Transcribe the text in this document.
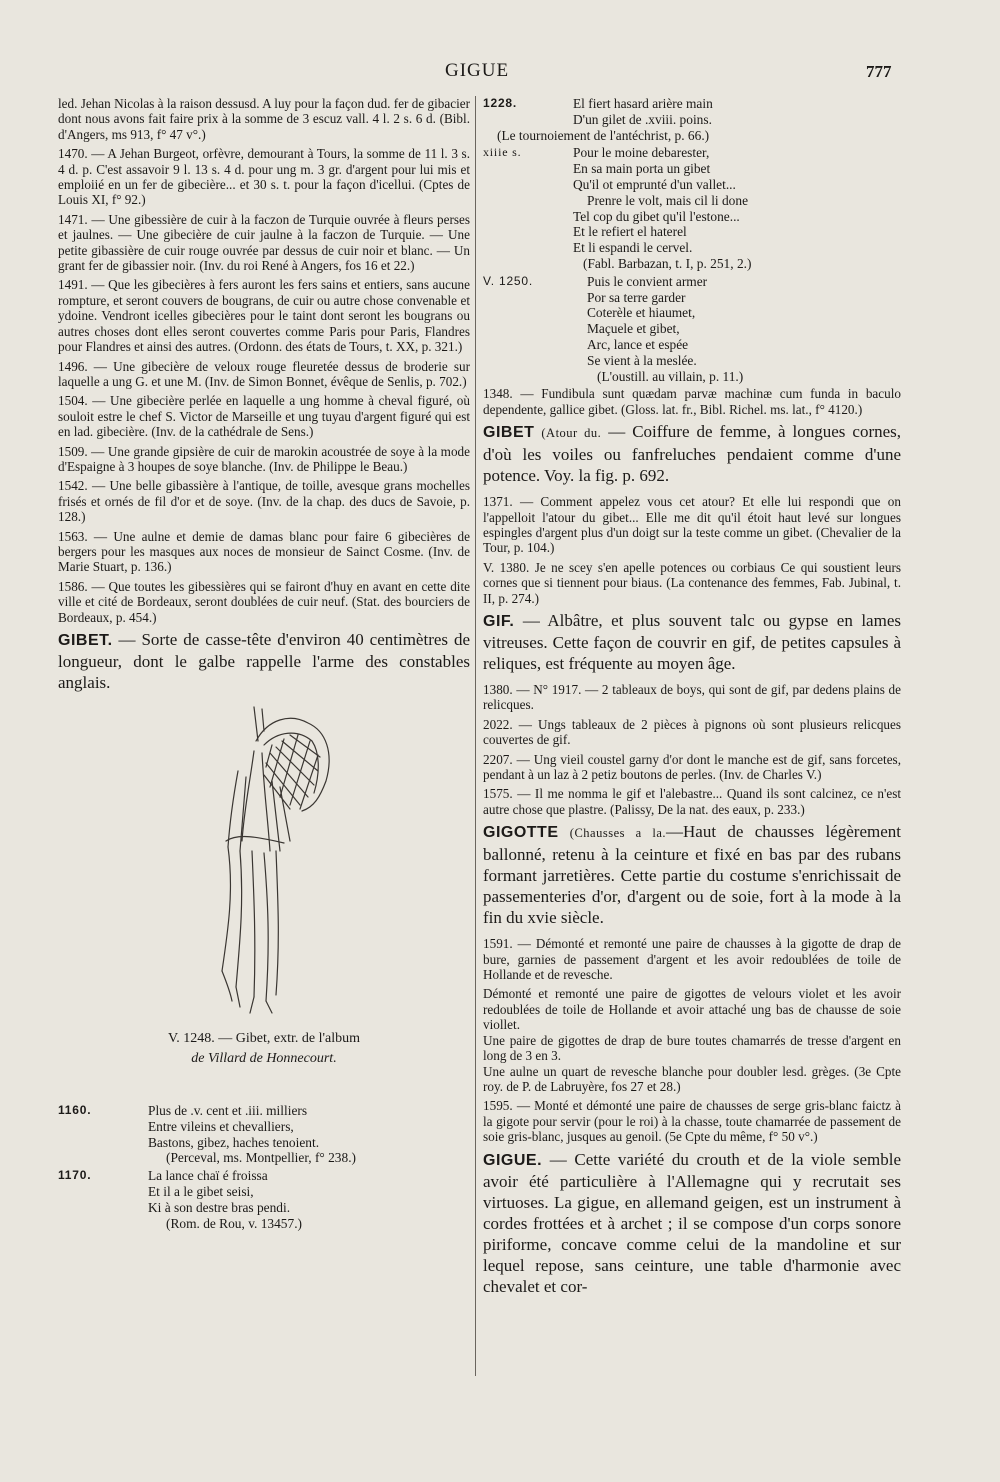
GIGUE	777

led. Jehan Nicolas à la raison dessusd. A luy pour la façon dud. fer de gibacier dont nous avons fait faire prix à la somme de 3 escuz vall. 4 l. 2 s. 6 d. (Bibl. d'Angers, ms 913, f° 47 v°.)

1470. — A Jehan Burgeot, orfèvre, demourant à Tours, la somme de 11 l. 3 s. 4 d. p. C'est assavoir 9 l. 13 s. 4 d. pour ung m. 3 gr. d'argent pour lui mis et emploiié en un fer de gibecière... et 30 s. t. pour la façon d'icellui. (Cptes de Louis XI, f° 92.)

1471. — Une gibessière de cuir à la faczon de Turquie ouvrée à fleurs perses et jaulnes. — Une gibecière de cuir jaulne à la faczon de Turquie. — Une petite gibassière de cuir rouge ouvrée par dessus de cuir noir et blanc. — Un grant fer de gibassier noir. (Inv. du roi René à Angers, fos 16 et 22.)

1491. — Que les gibecières à fers auront les fers sains et entiers, sans aucune rompture, et seront couvers de bougrans, de cuir ou autre chose convenable et ydoine. Vendront icelles gibecières pour le taint dont seront les bougrans ou autres choses dont elles seront couvertes comme Paris pour Paris, Flandres pour Flandres et ainsi des autres. (Ordonn. des états de Tours, t. XX, p. 321.)

1496. — Une gibecière de veloux rouge fleuretée dessus de broderie sur laquelle a ung G. et une M. (Inv. de Simon Bonnet, évêque de Senlis, p. 702.)

1504. — Une gibecière perlée en laquelle a ung homme à cheval figuré, où souloit estre le chef S. Victor de Marseille et ung tuyau d'argent figuré qui est en lad. gibecière. (Inv. de la cathédrale de Sens.)

1509. — Une grande gipsière de cuir de marokin acoustrée de soye à la mode d'Espaigne à 3 houpes de soye blanche. (Inv. de Philippe le Beau.)

1542. — Une belle gibassière à l'antique, de toille, avesque grans mochelles frisés et ornés de fil d'or et de soye. (Inv. de la chap. des ducs de Savoie, p. 128.)

1563. — Une aulne et demie de damas blanc pour faire 6 gibecières de bergers pour les masques aux noces de monsieur de Sainct Cosme. (Inv. de Marie Stuart, p. 136.)

1586. — Que toutes les gibessières qui se fairont d'huy en avant en cette dite ville et cité de Bordeaux, seront doublées de cuir neuf. (Stat. des bourciers de Bordeaux, p. 454.)

GIBET. — Sorte de casse-tête d'environ 40 centimètres de longueur, dont le galbe rappelle l'arme des constables anglais.

V. 1248. — Gibet, extr. de l'album
de Villard de Honnecourt.
1160.	Plus de .v. cent et .iii. milliers
Entre vileins et chevalliers,
Bastons, gibez, haches tenoient.
(Perceval, ms. Montpellier, f° 238.)
1170.	La lance chaï é froissa
Et il a le gibet seisi,
Ki à son destre bras pendi.
(Rom. de Rou, v. 13457.)
1228.	El fiert hasard arière main
D'un gilet de .xviii. poins.
(Le tournoiement de l'antéchrist, p. 66.)
xiiie s.	Pour le moine debarester,
En sa main porta un gibet
Qu'il ot emprunté d'un vallet...
Prenre le volt, mais cil li done
Tel cop du gibet qu'il l'estone...
Et le refiert el haterel
Et li espandi le cervel.
(Fabl. Barbazan, t. I, p. 251, 2.)
V. 1250.	Puis le convient armer
Por sa terre garder
Coterèle et hiaumet,
Maçuele et gibet,
Arc, lance et espée
Se vient à la meslée.
(L'oustill. au villain, p. 11.)

1348. — Fundibula sunt quædam parvæ machinæ cum funda in baculo dependente, gallice gibet. (Gloss. lat. fr., Bibl. Richel. ms. lat., f° 4120.)

GIBET (Atour du. — Coiffure de femme, à longues cornes, d'où les voiles ou fanfreluches pendaient comme d'une potence. Voy. la fig. p. 692.

1371. — Comment appelez vous cet atour? Et elle lui respondi que on l'appelloit l'atour du gibet... Elle me dit qu'il étoit haut levé sur longues espingles d'argent plus d'un doigt sur la teste comme un gibet. (Chevalier de la Tour, p. 104.)

V. 1380. Je ne scey s'en apelle potences ou corbiaus Ce qui soustient leurs cornes que si tiennent pour biaus. (La contenance des femmes, Fab. Jubinal, t. II, p. 274.)

GIF. — Albâtre, et plus souvent talc ou gypse en lames vitreuses. Cette façon de couvrir en gif, de petites capsules à reliques, est fréquente au moyen âge.

1380. — N° 1917. — 2 tableaux de boys, qui sont de gif, par dedens plains de relicques.

2022. — Ungs tableaux de 2 pièces à pignons où sont plusieurs relicques couvertes de gif.

2207. — Ung vieil coustel garny d'or dont le manche est de gif, sans forcetes, pendant à un laz à 2 petiz boutons de perles. (Inv. de Charles V.)

1575. — Il me nomma le gif et l'alebastre... Quand ils sont calcinez, ce n'est autre chose que plastre. (Palissy, De la nat. des eaux, p. 233.)

GIGOTTE (Chausses a la.—Haut de chausses légèrement ballonné, retenu à la ceinture et fixé en bas par des rubans formant jarretières. Cette partie du costume s'enrichissait de passementeries d'or, d'argent ou de soie, fort à la mode à la fin du xvie siècle.

1591. — Démonté et remonté une paire de chausses à la gigotte de drap de bure, garnies de passement d'argent et les avoir redoublées de toile de Hollande et de revesche.

Démonté et remonté une paire de gigottes de velours violet et les avoir redoublées de toile de Hollande et avoir attaché ung bas de chausse de soie viollet.

Une paire de gigottes de drap de bure toutes chamarrés de tresse d'argent en long de 3 en 3.

Une aulne un quart de revesche blanche pour doubler lesd. grèges. (3e Cpte roy. de P. de Labruyère, fos 27 et 28.)

1595. — Monté et démonté une paire de chausses de serge gris-blanc faictz à la gigote pour servir (pour le roi) à la chasse, toute chamarrée de passement de soie gris-blanc, jusques au genoil. (5e Cpte du même, f° 50 v°.)

GIGUE. — Cette variété du crouth et de la viole semble avoir été particulière à l'Allemagne qui y recrutait ses virtuoses. La gigue, en allemand geigen, est un instrument à cordes frottées et à archet ; il se compose d'un corps sonore piriforme, concave comme celui de la mandoline et sur lequel repose, sans ceinture, une table d'harmonie avec chevalet et cor-
